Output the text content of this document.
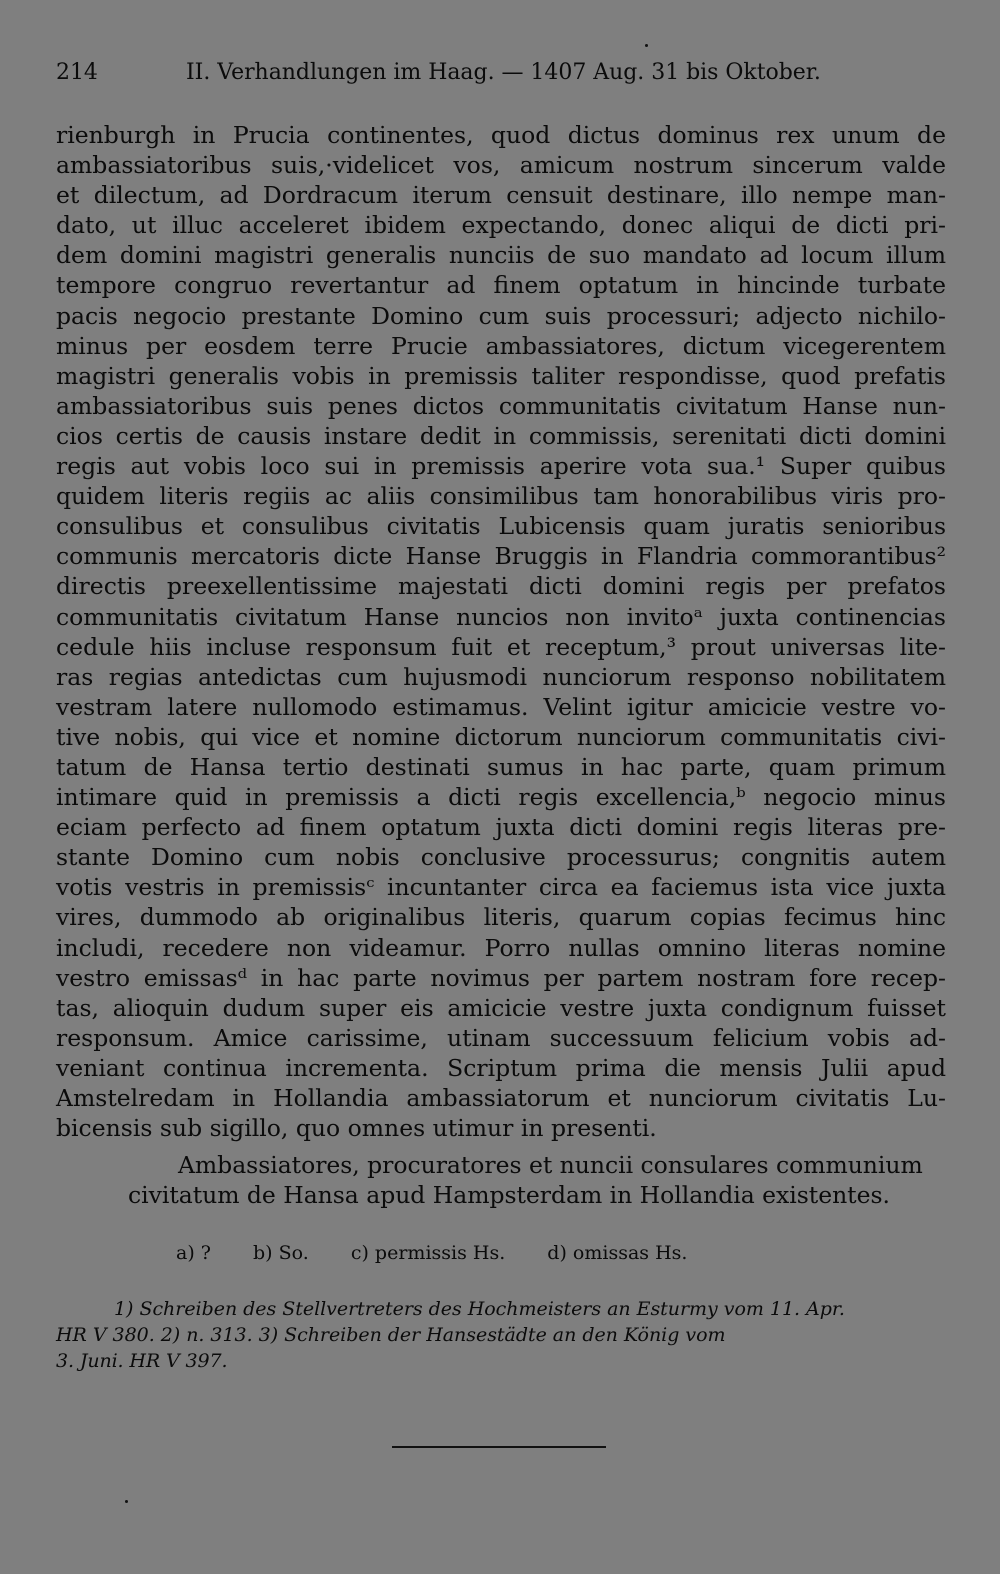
214	II. Verhandlungen im Haag. — 1407 Aug. 31 bis Oktober.
rienburgh in Prucia continentes, quod dictus dominus rex unum de
ambassiatoribus suis,·videlicet vos, amicum nostrum sincerum valde
et dilectum, ad Dordracum iterum censuit destinare, illo nempe man-
dato, ut illuc acceleret ibidem expectando, donec aliqui de dicti pri-
dem domini magistri generalis nunciis de suo mandato ad locum illum
tempore congruo revertantur ad finem optatum in hincinde turbate
pacis negocio prestante Domino cum suis processuri; adjecto nichilo-
minus per eosdem terre Prucie ambassiatores, dictum vicegerentem
magistri generalis vobis in premissis taliter respondisse, quod prefatis
ambassiatoribus suis penes dictos communitatis civitatum Hanse nun-
cios certis de causis instare dedit in commissis, serenitati dicti domini
regis aut vobis loco sui in premissis aperire vota sua.¹ Super quibus
quidem literis regiis ac aliis consimilibus tam honorabilibus viris pro-
consulibus et consulibus civitatis Lubicensis quam juratis senioribus
communis mercatoris dicte Hanse Bruggis in Flandria commorantibus²
directis preexellentissime majestati dicti domini regis per prefatos
communitatis civitatum Hanse nuncios non invitoᵃ juxta continencias
cedule hiis incluse responsum fuit et receptum,³ prout universas lite-
ras regias antedictas cum hujusmodi nunciorum responso nobilitatem
vestram latere nullomodo estimamus. Velint igitur amicicie vestre vo-
tive nobis, qui vice et nomine dictorum nunciorum communitatis civi-
tatum de Hansa tertio destinati sumus in hac parte, quam primum
intimare quid in premissis a dicti regis excellencia,ᵇ negocio minus
eciam perfecto ad finem optatum juxta dicti domini regis literas pre-
stante Domino cum nobis conclusive processurus; congnitis autem
votis vestris in premissisᶜ incuntanter circa ea faciemus ista vice juxta
vires, dummodo ab originalibus literis, quarum copias fecimus hinc
includi, recedere non videamur. Porro nullas omnino literas nomine
vestro emissasᵈ in hac parte novimus per partem nostram fore recep-
tas, alioquin dudum super eis amicicie vestre juxta condignum fuisset
responsum. Amice carissime, utinam successuum felicium vobis ad-
veniant continua incrementa. Scriptum prima die mensis Julii apud
Amstelredam in Hollandia ambassiatorum et nunciorum civitatis Lu-
bicensis sub sigillo, quo omnes utimur in presenti.
Ambassiatores, procuratores et nuncii consulares communium
civitatum de Hansa apud Hampsterdam in Hollandia existentes.
a) ? b) So. c) permissis Hs. d) omissas Hs.
1) Schreiben des Stellvertreters des Hochmeisters an Esturmy vom 11. Apr.
HR V 380. 2) n. 313. 3) Schreiben der Hansestädte an den König vom
3. Juni. HR V 397.
